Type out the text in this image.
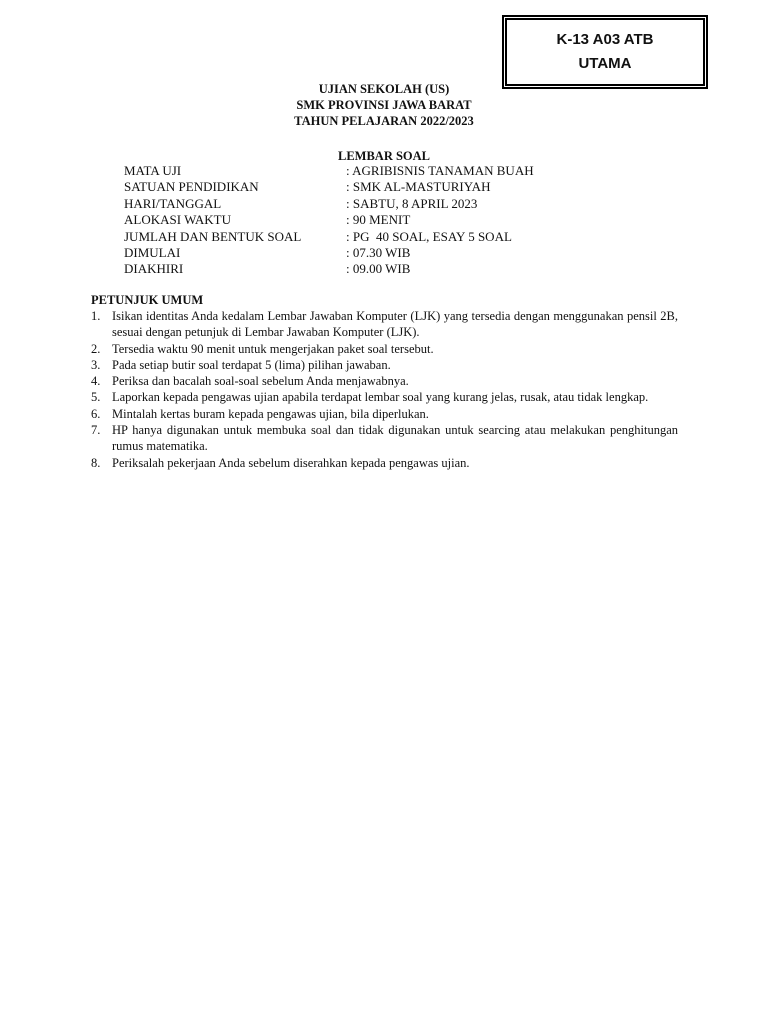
K-13 A03 ATB
UTAMA
UJIAN SEKOLAH (US)
SMK PROVINSI JAWA BARAT
TAHUN PELAJARAN 2022/2023
LEMBAR SOAL
MATA UJI	: AGRIBISNIS TANAMAN BUAH
SATUAN PENDIDIKAN	: SMK AL-MASTURIYAH
HARI/TANGGAL	: SABTU, 8 APRIL 2023
ALOKASI WAKTU	: 90 MENIT
JUMLAH DAN BENTUK SOAL	: PG  40 SOAL, ESAY 5 SOAL
DIMULAI	: 07.30 WIB
DIAKHIRI	: 09.00 WIB
PETUNJUK UMUM
1. Isikan identitas Anda kedalam Lembar Jawaban Komputer (LJK) yang tersedia dengan menggunakan pensil 2B, sesuai dengan petunjuk di Lembar Jawaban Komputer (LJK).
2. Tersedia waktu 90 menit untuk mengerjakan paket soal tersebut.
3. Pada setiap butir soal terdapat 5 (lima) pilihan jawaban.
4. Periksa dan bacalah soal-soal sebelum Anda menjawabnya.
5. Laporkan kepada pengawas ujian apabila terdapat lembar soal yang kurang jelas, rusak, atau tidak lengkap.
6. Mintalah kertas buram kepada pengawas ujian, bila diperlukan.
7. HP hanya digunakan untuk membuka soal dan tidak digunakan untuk searcing atau melakukan penghitungan rumus matematika.
8. Periksalah pekerjaan Anda sebelum diserahkan kepada pengawas ujian.
